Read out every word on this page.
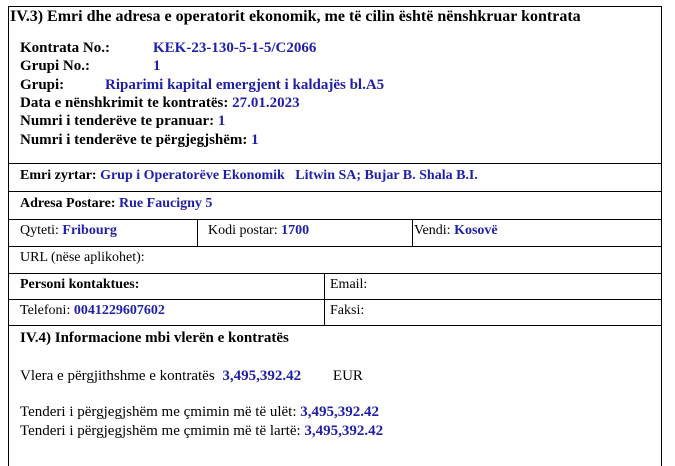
IV.3) Emri dhe adresa e operatorit ekonomik, me të cilin është nënshkruar kontrata
Kontrata No.:	KEK-23-130-5-1-5/C2066
Grupi No.:	1
Grupi:	Riparimi kapital emergjent i kaldajës bl.A5
Data e nënshkrimit te kontratës: 27.01.2023
Numri i tenderëve te pranuar: 1
Numri i tenderëve te përgjegjshëm: 1
Emri zyrtar: Grup i Operatorëve Ekonomik   Litwin SA; Bujar B. Shala B.I.
Adresa Postare: Rue Faucigny 5
Qyteti: Fribourg	Kodi postar: 1700	Vendi: Kosovë
URL (nëse aplikohet):
Personi kontaktues:	Email:
Telefoni: 0041229607602	Faksi:
IV.4) Informacione mbi vlerën e kontratës
Vlera e përgjithshme e kontratës 3,495,392.42 EUR
Tenderi i përgjegjshëm me çmimin më të ulët: 3,495,392.42
Tenderi i përgjegjshëm me çmimin më të lartë: 3,495,392.42
